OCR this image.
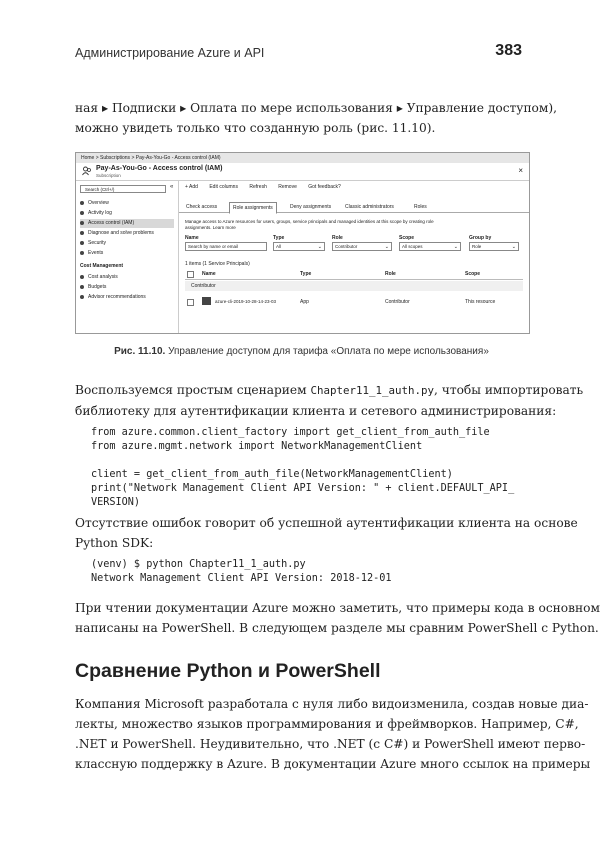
Администрирование Azure и API	383

ная ▸ Подписки ▸ Оплата по мере использования ▸ Управление доступом),
можно увидеть только что созданную роль (рис. 11.10).

Home > Subscriptions > Pay-As-You-Go - Access control (IAM)
Pay-As-You-Go - Access control (IAM)
Subscription
×
Search (Ctrl+/)	«
Overview
Activity log
Access control (IAM)
Diagnose and solve problems
Security
Events
Cost Management
Cost analysis
Budgets
Advisor recommendations
+ Add Edit columns Refresh Remove Got feedback?
Check access	Role assignments	Deny assignments	Classic administrators	Roles
Manage access to Azure resources for users, groups, service principals and managed identities at this scope by creating role assignments. Learn more
Name	Type	Role	Scope	Group by
Search by name or email	All	⌄	Contributor	⌄	All scopes	⌄	Role	⌄
1 items (1 Service Principals)
Name	Type	Role	Scope
Contributor
azure-cli-2019-10-28-14-23-03	App	Contributor	This resource
Рис. 11.10. Управление доступом для тарифа «Оплата по мере использования»

Воспользуемся простым сценарием Chapter11_1_auth.py, чтобы импортировать
библиотеку для аутентификации клиента и сетевого администрирования:

from azure.common.client_factory import get_client_from_auth_file
from azure.mgmt.network import NetworkManagementClient

client = get_client_from_auth_file(NetworkManagementClient)
print("Network Management Client API Version: " + client.DEFAULT_API_
VERSION)

Отсутствие ошибок говорит об успешной аутентификации клиента на основе
Python SDK:

(venv) $ python Chapter11_1_auth.py
Network Management Client API Version: 2018-12-01

При чтении документации Azure можно заметить, что примеры кода в основном
написаны на PowerShell. В следующем разделе мы сравним PowerShell с Python.

Сравнение Python и PowerShell

Компания Microsoft разработала с нуля либо видоизменила, создав новые диа-
лекты, множество языков программирования и фреймворков. Например, C#,
.NET и PowerShell. Неудивительно, что .NET (с C#) и PowerShell имеют перво-
классную поддержку в Azure. В документации Azure много ссылок на примеры
